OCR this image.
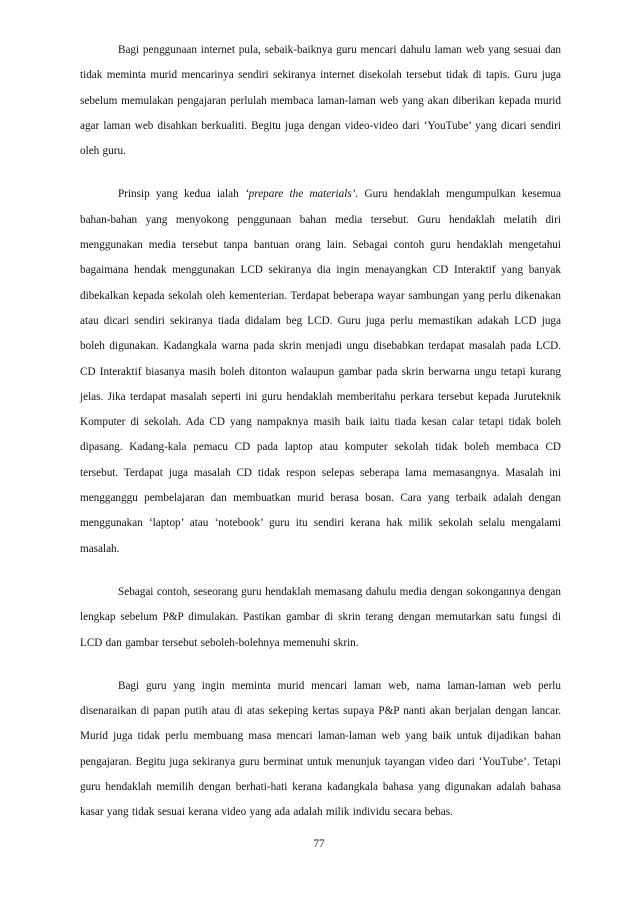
Bagi penggunaan internet pula, sebaik-baiknya guru mencari dahulu laman web yang sesuai dan tidak meminta murid mencarinya sendiri sekiranya internet disekolah tersebut tidak di tapis. Guru juga sebelum memulakan pengajaran perlulah membaca laman-laman web yang akan diberikan kepada murid agar laman web disahkan berkualiti. Begitu juga dengan video-video dari ‘YouTube’ yang dicari sendiri oleh guru.

Prinsip yang kedua ialah ‘prepare the materials’. Guru hendaklah mengumpulkan kesemua bahan-bahan yang menyokong penggunaan bahan media tersebut. Guru hendaklah melatih diri menggunakan media tersebut tanpa bantuan orang lain. Sebagai contoh guru hendaklah mengetahui bagaimana hendak menggunakan LCD sekiranya dia ingin menayangkan CD Interaktif yang banyak dibekalkan kepada sekolah oleh kementerian. Terdapat beberapa wayar sambungan yang perlu dikenakan atau dicari sendiri sekiranya tiada didalam beg LCD. Guru juga perlu memastikan adakah LCD juga boleh digunakan. Kadangkala warna pada skrin menjadi ungu disebabkan terdapat masalah pada LCD. CD Interaktif biasanya masih boleh ditonton walaupun gambar pada skrin berwarna ungu tetapi kurang jelas. Jika terdapat masalah seperti ini guru hendaklah memberitahu perkara tersebut kepada Juruteknik Komputer di sekolah. Ada CD yang nampaknya masih baik iaitu tiada kesan calar tetapi tidak boleh dipasang. Kadang-kala pemacu CD pada laptop atau komputer sekolah tidak boleh membaca CD tersebut. Terdapat juga masalah CD tidak respon selepas seberapa lama memasangnya. Masalah ini mengganggu pembelajaran dan membuatkan murid berasa bosan. Cara yang terbaik adalah dengan menggunakan ‘laptop’ atau ‘notebook’ guru itu sendiri kerana hak milik sekolah selalu mengalami masalah.

Sebagai contoh, seseorang guru hendaklah memasang dahulu media dengan sokongannya dengan lengkap sebelum P&P dimulakan. Pastikan gambar di skrin terang dengan memutarkan satu fungsi di LCD dan gambar tersebut seboleh-bolehnya memenuhi skrin.

Bagi guru yang ingin meminta murid mencari laman web, nama laman-laman web perlu disenaraikan di papan putih atau di atas sekeping kertas supaya P&P nanti akan berjalan dengan lancar. Murid juga tidak perlu membuang masa mencari laman-laman web yang baik untuk dijadikan bahan pengajaran. Begitu juga sekiranya guru berminat untuk menunjuk tayangan video dari ‘YouTube’. Tetapi guru hendaklah memilih dengan berhati-hati kerana kadangkala bahasa yang digunakan adalah bahasa kasar yang tidak sesuai kerana video yang ada adalah milik individu secara bebas.

77
